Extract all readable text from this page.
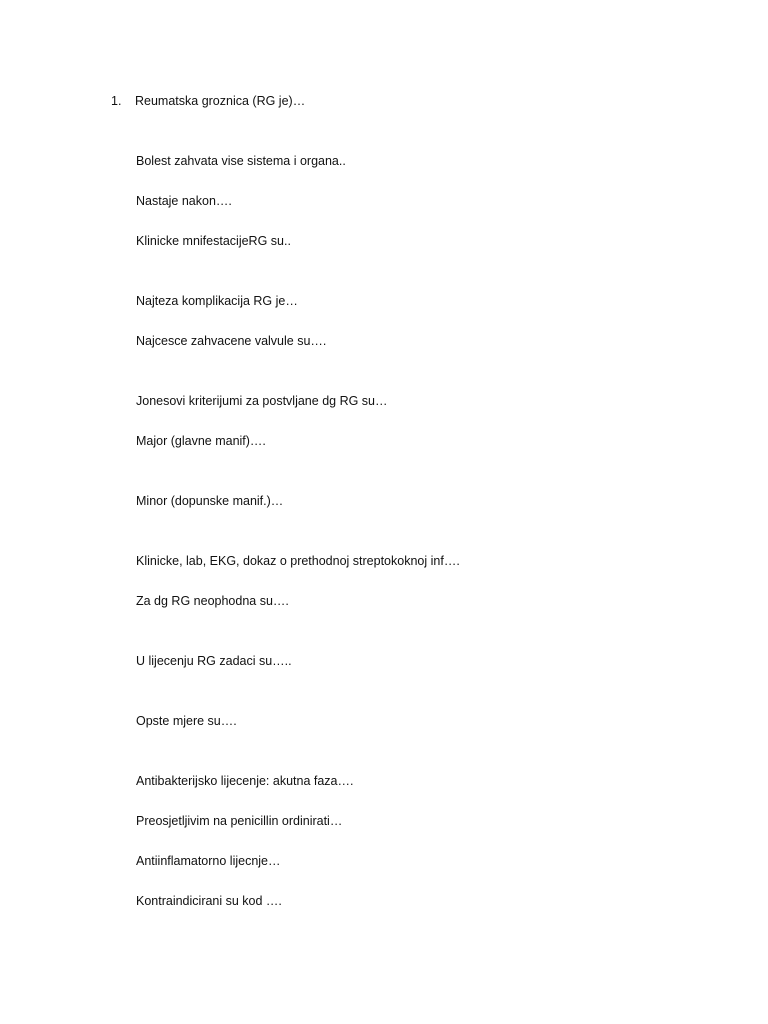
1. Reumatska groznica (RG je)…
Bolest zahvata vise sistema i organa..
Nastaje nakon….
Klinicke mnifestacijeRG su..
Najteza komplikacija RG je…
Najcesce zahvacene valvule su….
Jonesovi kriterijumi za postvljane dg RG su…
Major (glavne manif)….
Minor (dopunske manif.)…
Klinicke, lab, EKG, dokaz o prethodnoj streptokoknoj inf….
Za dg RG neophodna su….
U lijecenju RG zadaci su…..
Opste mjere su….
Antibakterijsko lijecenje: akutna faza….
Preosjetljivim na penicillin ordinirati…
Antiinflamatorno lijecnje…
Kontraindicirani su kod ….
